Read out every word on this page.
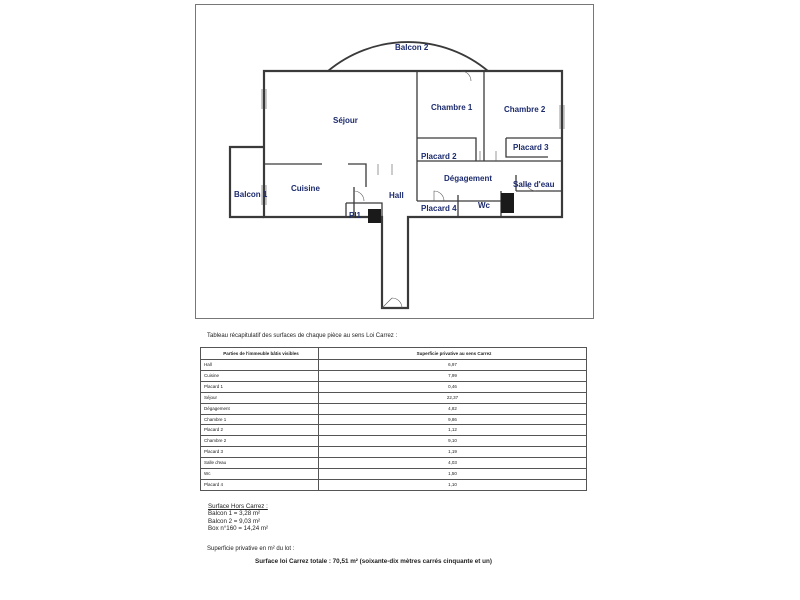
Balcon 2
Séjour
Chambre 1	Chambre 2
Placard 2
Placard 3
Dégagement
Salle d'eau
Balcon 1
Cuisine
Hall
Pl1
Placard 4	Wc
Tableau récapitulatif des surfaces de chaque pièce au sens Loi Carrez :
Parties de l'immeuble bâtis visibles	Superficie privative au sens Carrez
Hall	6,97
Cuisine	7,99
Placard 1	0,46
Séjour	22,37
Dégagement	4,82
Chambre 1	9,86
Placard 2	1,12
Chambre 2	9,10
Placard 3	1,19
Salle d'eau	4,03
Wc	1,50
Placard 4	1,10
Surface Hors Carrez :
Balcon 1 = 3,28 m²
Balcon 2 = 9,03 m²
Box n°160 = 14,24 m²
Superficie privative en m² du lot :
Surface loi Carrez totale : 70,51 m² (soixante-dix mètres carrés cinquante et un)
